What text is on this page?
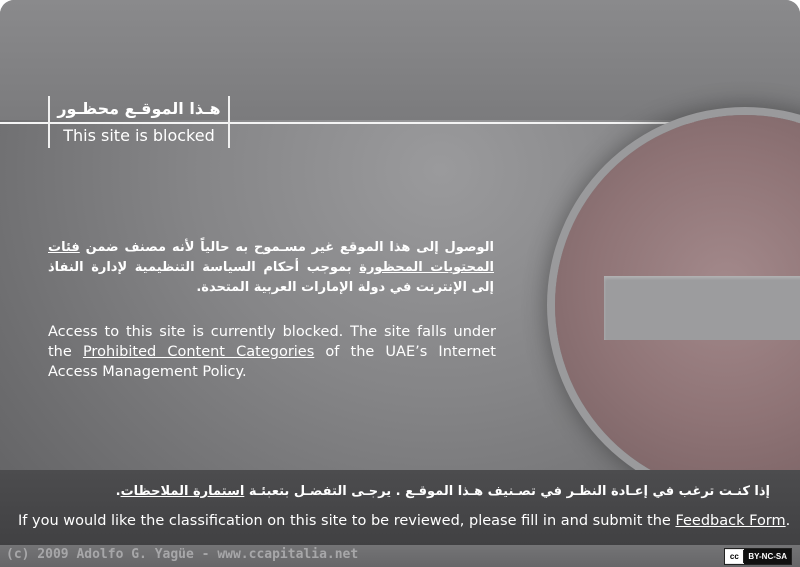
هـذا الموقـع محظـور
This site is blocked
الوصول إلى هذا الموقع غير مسـموح به حالياً لأنه مصنف ضمن فئات المحتويات المحظورة بموجب أحكام السياسة التنظيمية لإدارة النفاذ إلى الإنترنت في دولة الإمارات العربية المتحدة.
Access to this site is currently blocked. The site falls under the Prohibited Content Categories of the UAE’s Internet Access Management Policy.
إذا كنـت ترغب في إعـادة النظـر في تصـنيف هـذا الموقـع . يرجـى التفضـل بتعبئـة استمارة الملاحظات.
If you would like the classification on this site to be reviewed, please fill in and submit the Feedback Form.
(c) 2009 Adolfo G. Yagüe - www.ccapitalia.net	cc	BY-NC-SA
